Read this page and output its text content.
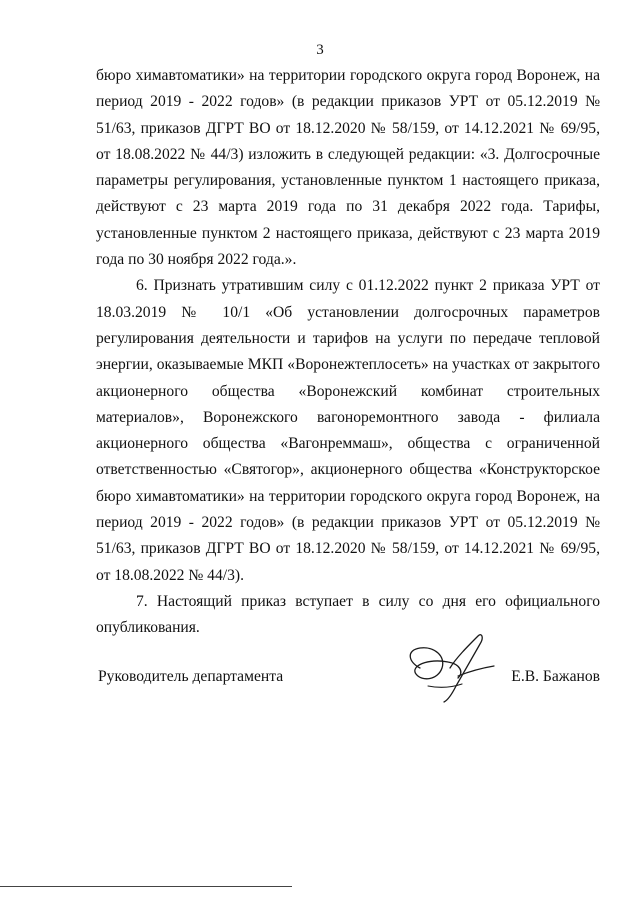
3

бюро химавтоматики» на территории городского округа город Воронеж, на период 2019 - 2022 годов» (в редакции приказов УРТ от 05.12.2019 № 51/63, приказов ДГРТ ВО от 18.12.2020 № 58/159, от 14.12.2021 № 69/95, от 18.08.2022 № 44/3) изложить в следующей редакции: «3. Долгосрочные параметры регулирования, установленные пунктом 1 настоящего приказа, действуют с 23 марта 2019 года по 31 декабря 2022 года. Тарифы, установленные пунктом 2 настоящего приказа, действуют с 23 марта 2019 года по 30 ноября 2022 года.».

6. Признать утратившим силу с 01.12.2022 пункт 2 приказа УРТ от 18.03.2019 № 10/1 «Об установлении долгосрочных параметров регулирования деятельности и тарифов на услуги по передаче тепловой энергии, оказываемые МКП «Воронежтеплосеть» на участках от закрытого акционерного общества «Воронежский комбинат строительных материалов», Воронежского вагоноремонтного завода - филиала акционерного общества «Вагонреммаш», общества с ограниченной ответственностью «Святогор», акционерного общества «Конструкторское бюро химавтоматики» на территории городского округа город Воронеж, на период 2019 - 2022 годов» (в редакции приказов УРТ от 05.12.2019 № 51/63, приказов ДГРТ ВО от 18.12.2020 № 58/159, от 14.12.2021 № 69/95, от 18.08.2022 № 44/3).

7. Настоящий приказ вступает в силу со дня его официального опубликования.

Руководитель департамента	Е.В. Бажанов
